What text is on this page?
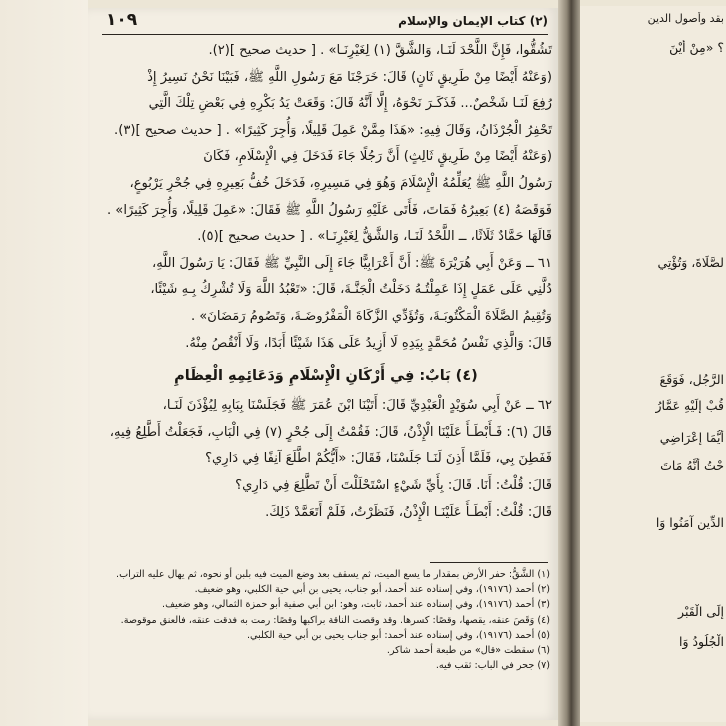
(٢) كتاب الإيمان والإسلام
١٠٩

تَشُقُّوا، فَإِنَّ اللَّحْدَ لَنَـا، وَالشَّقَّ (١) لِغَيْرِنَـا» . [ حديث صحيح ](٢).

(وَعَنْهُ أَيْضًا مِنْ طَرِيقٍ ثَانٍ) قَالَ: خَرَجْنَا مَعَ رَسُولِ اللَّهِ ﷺ، فَبَيْنَا نَحْنُ نَسِيرُ إِذْ

رُفِعَ لَنَـا شَخْصٌ... فَذَكَـرَ نَحْوَهُ، إِلَّا أَنَّهُ قَالَ: وَقَعَتْ يَدُ بَكْرِهِ فِي بَعْضِ تِلْكَ الَّتِي

تَحْفِرُ الْجُرْذَانُ، وَقَالَ فِيهِ: «هَذَا مِمَّنْ عَمِلَ قَلِيلًا، وَأُجِرَ كَثِيرًا» . [ حديث صحيح ](٣).

(وَعَنْهُ أَيْضًا مِنْ طَرِيقٍ ثَالِثٍ) أَنَّ رَجُلًا جَاءَ فَدَخَلَ فِي الْإِسْلَامِ، فَكَانَ

رَسُولُ اللَّهِ ﷺ يُعَلِّمُهُ الْإِسْلَامَ وَهُوَ فِي مَسِيرِهِ، فَدَخَلَ خُفُّ بَعِيرِهِ فِي جُحْرِ يَرْبُوعٍ،

فَوَقَصَهُ (٤) بَعِيرُهُ فَمَاتَ، فَأَتَى عَلَيْهِ رَسُولُ اللَّهِ ﷺ فَقَالَ: «عَمِلَ قَلِيلًا، وَأُجِرَ كَثِيرًا» .

قَالَهَا حَمَّادٌ ثَلَاثًا، ــ اللَّحْدُ لَنَـا، وَالشَّقُّ لِغَيْرِنَـا» . [ حديث صحيح ](٥).

٦١ ــ وَعَنْ أَبِي هُرَيْرَةَ ﷺ: أَنَّ أَعْرَابِيًّا جَاءَ إِلَى النَّبِيِّ ﷺ فَقَالَ: يَا رَسُولَ اللَّهِ،

دُلَّنِي عَلَى عَمَلٍ إِذَا عَمِلْتُـهُ دَخَلْتُ الْجَنَّـةَ، قَالَ: «تَعْبُدُ اللَّهَ وَلَا تُشْرِكُ بِـهِ شَيْئًا،

وَتُقِيمُ الصَّلَاةَ الْمَكْتُوبَـةَ، وَتُؤَدِّي الزَّكَاةَ الْمَفْرُوضَـةَ، وَتَصُومُ رَمَضَانَ» .

قَالَ: وَالَّذِي نَفْسُ مُحَمَّدٍ بِيَدِهِ لَا أَزِيدُ عَلَى هَذَا شَيْئًا أَبَدًا، وَلَا أَنْقُصُ مِنْهُ.

(٤) بَابٌ: فِي أَرْكَانِ الْإِسْلَامِ وَدَعَائِمِهِ الْعِظَامِ

٦٢ ــ عَنْ أَبِي سُوَيْدٍ الْعَبْدِيِّ قَالَ: أَتَيْنَا ابْنَ عُمَرَ ﷺ فَجَلَسْنَا بِبَابِهِ لِيُؤْذَنَ لَنَـا،

قَالَ (٦): فَـأَبْطَـأَ عَلَيْنَا الْإِذْنُ، قَالَ: فَقُمْتُ إِلَى جُحْرٍ (٧) فِي الْبَابِ، فَجَعَلْتُ أَطَّلِعُ فِيهِ،

فَفَطِنَ بِي، فَلَمَّا أَذِنَ لَنَـا جَلَسْنَا، فَقَالَ: «أَيُّكُمْ اطَّلَعَ آنِفًا فِي دَارِي؟

قَالَ: قُلْتُ: أَنَا. قَالَ: بِأَيِّ شَيْءٍ اسْتَحْلَلْتَ أَنْ تَطَّلِعَ فِي دَارِي؟

قَالَ: قُلْتُ: أَبْطَـأَ عَلَيْنَـا الْإِذْنُ، فَنَظَرْتُ، فَلَمْ أَتَعَمَّدْ ذَلِكَ.

(١) الشَّقُّ: حفر الأرض بمقدار ما يسع الميت، ثم يسقف بعد وضع الميت فيه بلبن أو نحوه، ثم يهال عليه التراب.

(٢) أحمد (١٩١٧٦)، وفي إسناده عند أحمد، أبو جناب، يحيى بن أبي حية الكلبي، وهو ضعيف.

(٣) أحمد (١٩١٧٦)، وفي إسناده عند أحمد، ثابت، وهو: ابن أبي صفية أبو حمزة الثمالي، وهو ضعيف.

(٤) وَقَصَ عنقه، يقصها، وقصًا: كسرها. وقد وقصت الناقة براكبها وقصًا: رمت به فدقت عنقه، فالعنق موقوصة.

(٥) أحمد (١٩١٧٦)، وفي إسناده عند أحمد: أبو جناب يحيى بن أبي حية الكلبي.

(٦) سقطت «قال» من طبعة أحمد شاكر.

(٧) جحر في الباب: ثقب فيه.

بقد وأصول الدين
؟ «مِنْ أَيْنَ
لصَّلَاةَ، وَتُؤْتِي
الرَّجُلِ، فَوَقَعَ
قُبْ إِلَيْهِ عَمَّارُ
أَيُّمَا إِعْرَاضِي
حْتُ أَنَّهُ مَاتَ
الدِّينِ آمَنُوا وَا
إِلَى الْقَبْرِ
الْجُلُودُ وَا
